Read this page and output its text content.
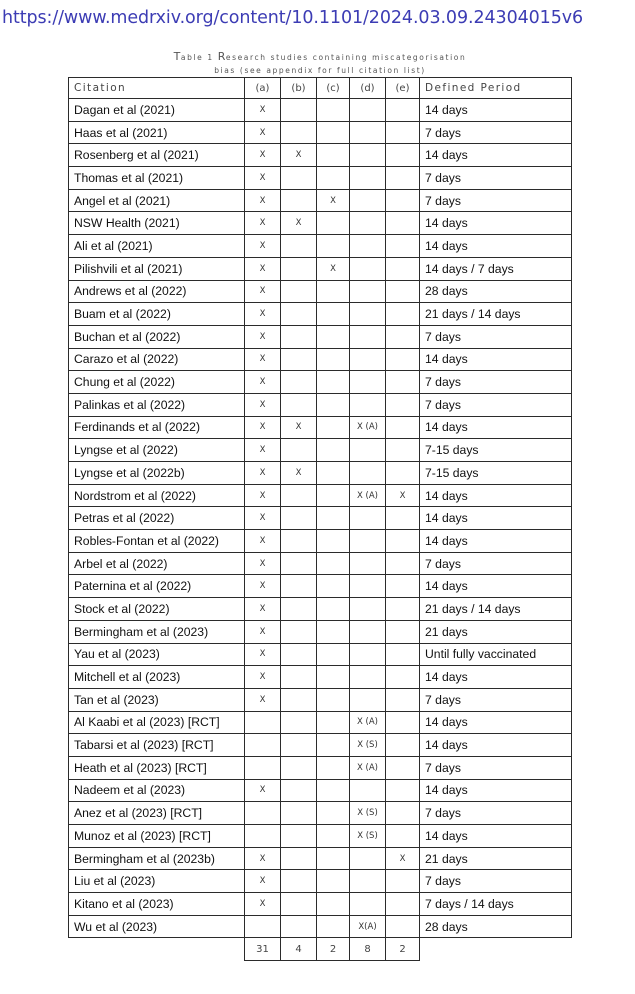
https://www.medrxiv.org/content/10.1101/2024.03.09.24304015v6
Table 1 Research studies containing miscategorisation
bias (see appendix for full citation list)
Citation	(a)	(b)	(c)	(d)	(e)	Defined Period
Dagan et al (2021)	X					14 days
Haas et al (2021)	X					7 days
Rosenberg et al (2021)	X	X				14 days
Thomas et al (2021)	X					7 days
Angel et al (2021)	X		X			7 days
NSW Health (2021)	X	X				14 days
Ali et al (2021)	X					14 days
Pilishvili et al (2021)	X		X			14 days / 7 days
Andrews et al (2022)	X					28 days
Buam et al (2022)	X					21 days / 14 days
Buchan et al (2022)	X					7 days
Carazo et al (2022)	X					14 days
Chung et al (2022)	X					7 days
Palinkas et al (2022)	X					7 days
Ferdinands et al (2022)	X	X		X (A)		14 days
Lyngse et al (2022)	X					7-15 days
Lyngse et al (2022b)	X	X				7-15 days
Nordstrom et al (2022)	X			X (A)	X	14 days
Petras et al (2022)	X					14 days
Robles-Fontan et al (2022)	X					14 days
Arbel et al (2022)	X					7 days
Paternina et al (2022)	X					14 days
Stock et al (2022)	X					21 days / 14 days
Bermingham et al (2023)	X					21 days
Yau et al (2023)	X					Until fully vaccinated
Mitchell et al (2023)	X					14 days
Tan et al (2023)	X					7 days
Al Kaabi et al (2023) [RCT]				X (A)		14 days
Tabarsi et al (2023) [RCT]				X (S)		14 days
Heath et al (2023) [RCT]				X (A)		7 days
Nadeem et al (2023)	X					14 days
Anez et al (2023) [RCT]				X (S)		7 days
Munoz et al (2023) [RCT]				X (S)		14 days
Bermingham et al (2023b)	X				X	21 days
Liu et al (2023)	X					7 days
Kitano et al (2023)	X					7 days / 14 days
Wu et al (2023)				X(A)		28 days
	31	4	2	8	2	
